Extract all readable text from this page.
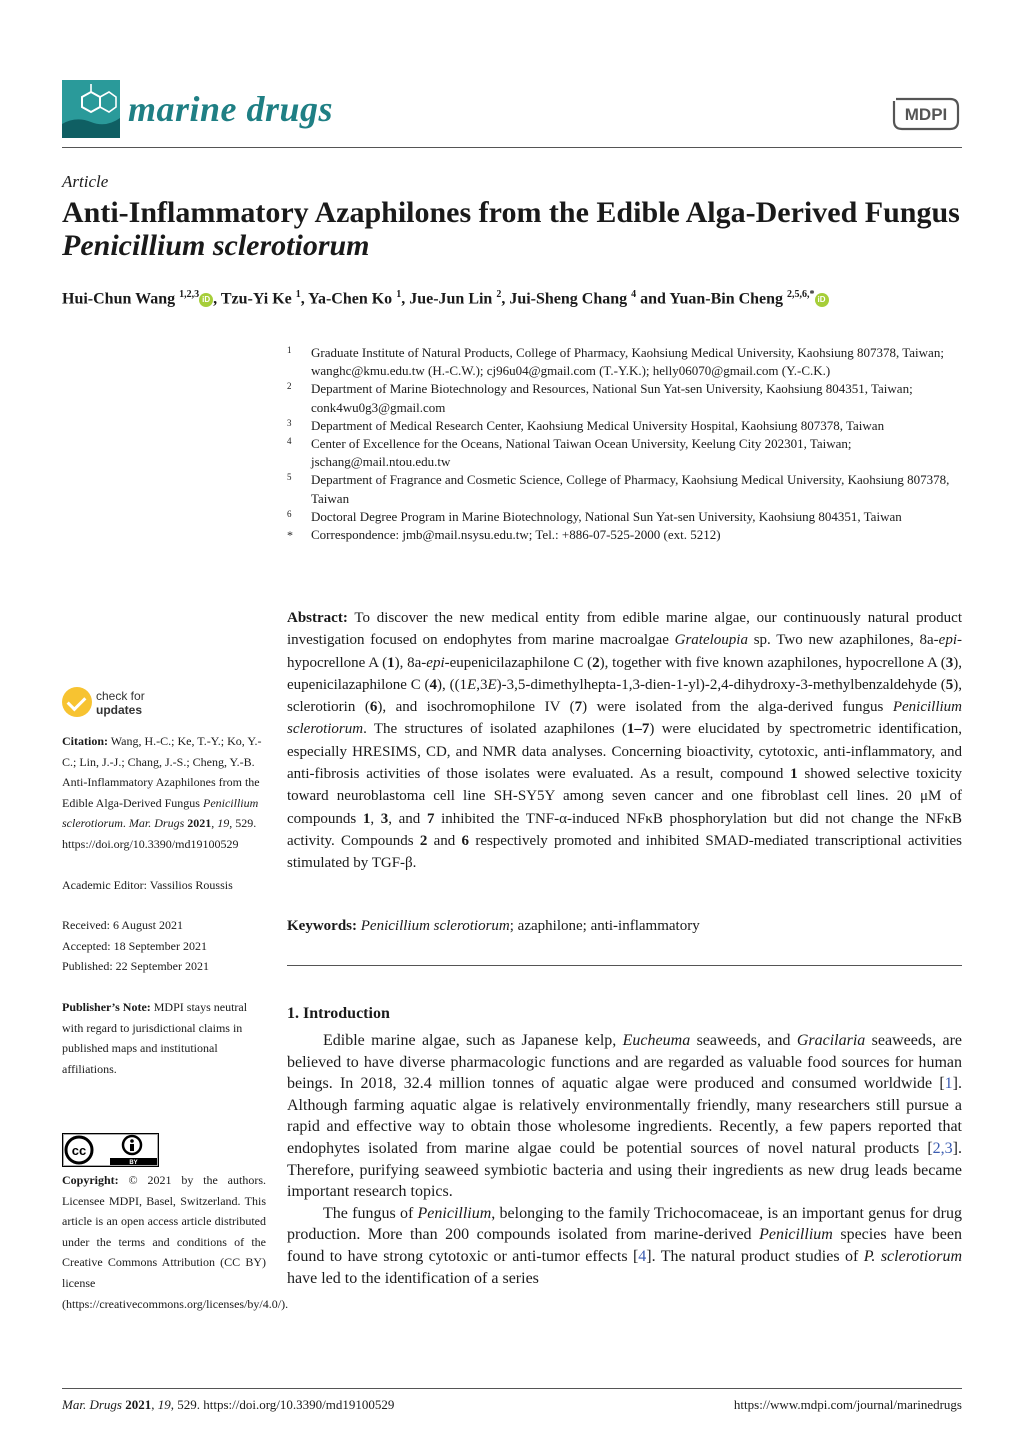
marine drugs	MDPI
Article
Anti-Inflammatory Azaphilones from the Edible Alga-Derived Fungus Penicillium sclerotiorum
Hui-Chun Wang $^{1,2,3}$ iD , Tzu-Yi Ke $^1$, Ya-Chen Ko $^1$, Jue-Jun Lin $^2$, Jui-Sheng Chang $^4$ and Yuan-Bin Cheng $^{2,5,6,*}$ iD
1 Graduate Institute of Natural Products, College of Pharmacy, Kaohsiung Medical University, Kaohsiung 807378, Taiwan; wanghc@kmu.edu.tw (H.-C.W.); cj96u04@gmail.com (T.-Y.K.); helly06070@gmail.com (Y.-C.K.)
2 Department of Marine Biotechnology and Resources, National Sun Yat-sen University, Kaohsiung 804351, Taiwan; conk4wu0g3@gmail.com
3 Department of Medical Research Center, Kaohsiung Medical University Hospital, Kaohsiung 807378, Taiwan
4 Center of Excellence for the Oceans, National Taiwan Ocean University, Keelung City 202301, Taiwan; jschang@mail.ntou.edu.tw
5 Department of Fragrance and Cosmetic Science, College of Pharmacy, Kaohsiung Medical University, Kaohsiung 807378, Taiwan
6 Doctoral Degree Program in Marine Biotechnology, National Sun Yat-sen University, Kaohsiung 804351, Taiwan
* Correspondence: jmb@mail.nsysu.edu.tw; Tel.: +886-07-525-2000 (ext. 5212)
Abstract: To discover the new medical entity from edible marine algae, our continuously natural product investigation focused on endophytes from marine macroalgae Grateloupia sp. Two new azaphilones, 8a-epi-hypocrellone A (1), 8a-epi-eupenicilazaphilone C (2), together with five known azaphilones, hypocrellone A (3), eupenicilazaphilone C (4), ((1E,3E)-3,5-dimethylhepta-1,3-dien-1-yl)-2,4-dihydroxy-3-methylbenzaldehyde (5), sclerotiorin (6), and isochromophilone IV (7) were isolated from the alga-derived fungus Penicillium sclerotiorum. The structures of isolated azaphilones (1–7) were elucidated by spectrometric identification, especially HRESIMS, CD, and NMR data analyses. Concerning bioactivity, cytotoxic, anti-inflammatory, and anti-fibrosis activities of those isolates were evaluated. As a result, compound 1 showed selective toxicity toward neuroblastoma cell line SH-SY5Y among seven cancer and one fibroblast cell lines. 20 μM of compounds 1, 3, and 7 inhibited the TNF-α-induced NFκB phosphorylation but did not change the NFκB activity. Compounds 2 and 6 respectively promoted and inhibited SMAD-mediated transcriptional activities stimulated by TGF-β.
Keywords: Penicillium sclerotiorum; azaphilone; anti-inflammatory
1. Introduction
Edible marine algae, such as Japanese kelp, Eucheuma seaweeds, and Gracilaria seaweeds, are believed to have diverse pharmacologic functions and are regarded as valuable food sources for human beings. In 2018, 32.4 million tonnes of aquatic algae were produced and consumed worldwide [1]. Although farming aquatic algae is relatively environmentally friendly, many researchers still pursue a rapid and effective way to obtain those wholesome ingredients. Recently, a few papers reported that endophytes isolated from marine algae could be potential sources of novel natural products [2,3]. Therefore, purifying seaweed symbiotic bacteria and using their ingredients as new drug leads became important research topics.
The fungus of Penicillium, belonging to the family Trichocomaceae, is an important genus for drug production. More than 200 compounds isolated from marine-derived Penicillium species have been found to have strong cytotoxic or anti-tumor effects [4]. The natural product studies of P. sclerotiorum have led to the identification of a series
check for
updates
Citation: Wang, H.-C.; Ke, T.-Y.; Ko, Y.-C.; Lin, J.-J.; Chang, J.-S.; Cheng, Y.-B. Anti-Inflammatory Azaphilones from the Edible Alga-Derived Fungus Penicillium sclerotiorum. Mar. Drugs 2021, 19, 529. https://doi.org/10.3390/md19100529
Academic Editor: Vassilios Roussis
Received: 6 August 2021
Accepted: 18 September 2021
Published: 22 September 2021
Publisher’s Note: MDPI stays neutral with regard to jurisdictional claims in published maps and institutional affiliations.
cc
BY
Copyright: © 2021 by the authors. Licensee MDPI, Basel, Switzerland. This article is an open access article distributed under the terms and conditions of the Creative Commons Attribution (CC BY) license (https://creativecommons.org/licenses/by/4.0/).
Mar. Drugs 2021, 19, 529. https://doi.org/10.3390/md19100529	https://www.mdpi.com/journal/marinedrugs
